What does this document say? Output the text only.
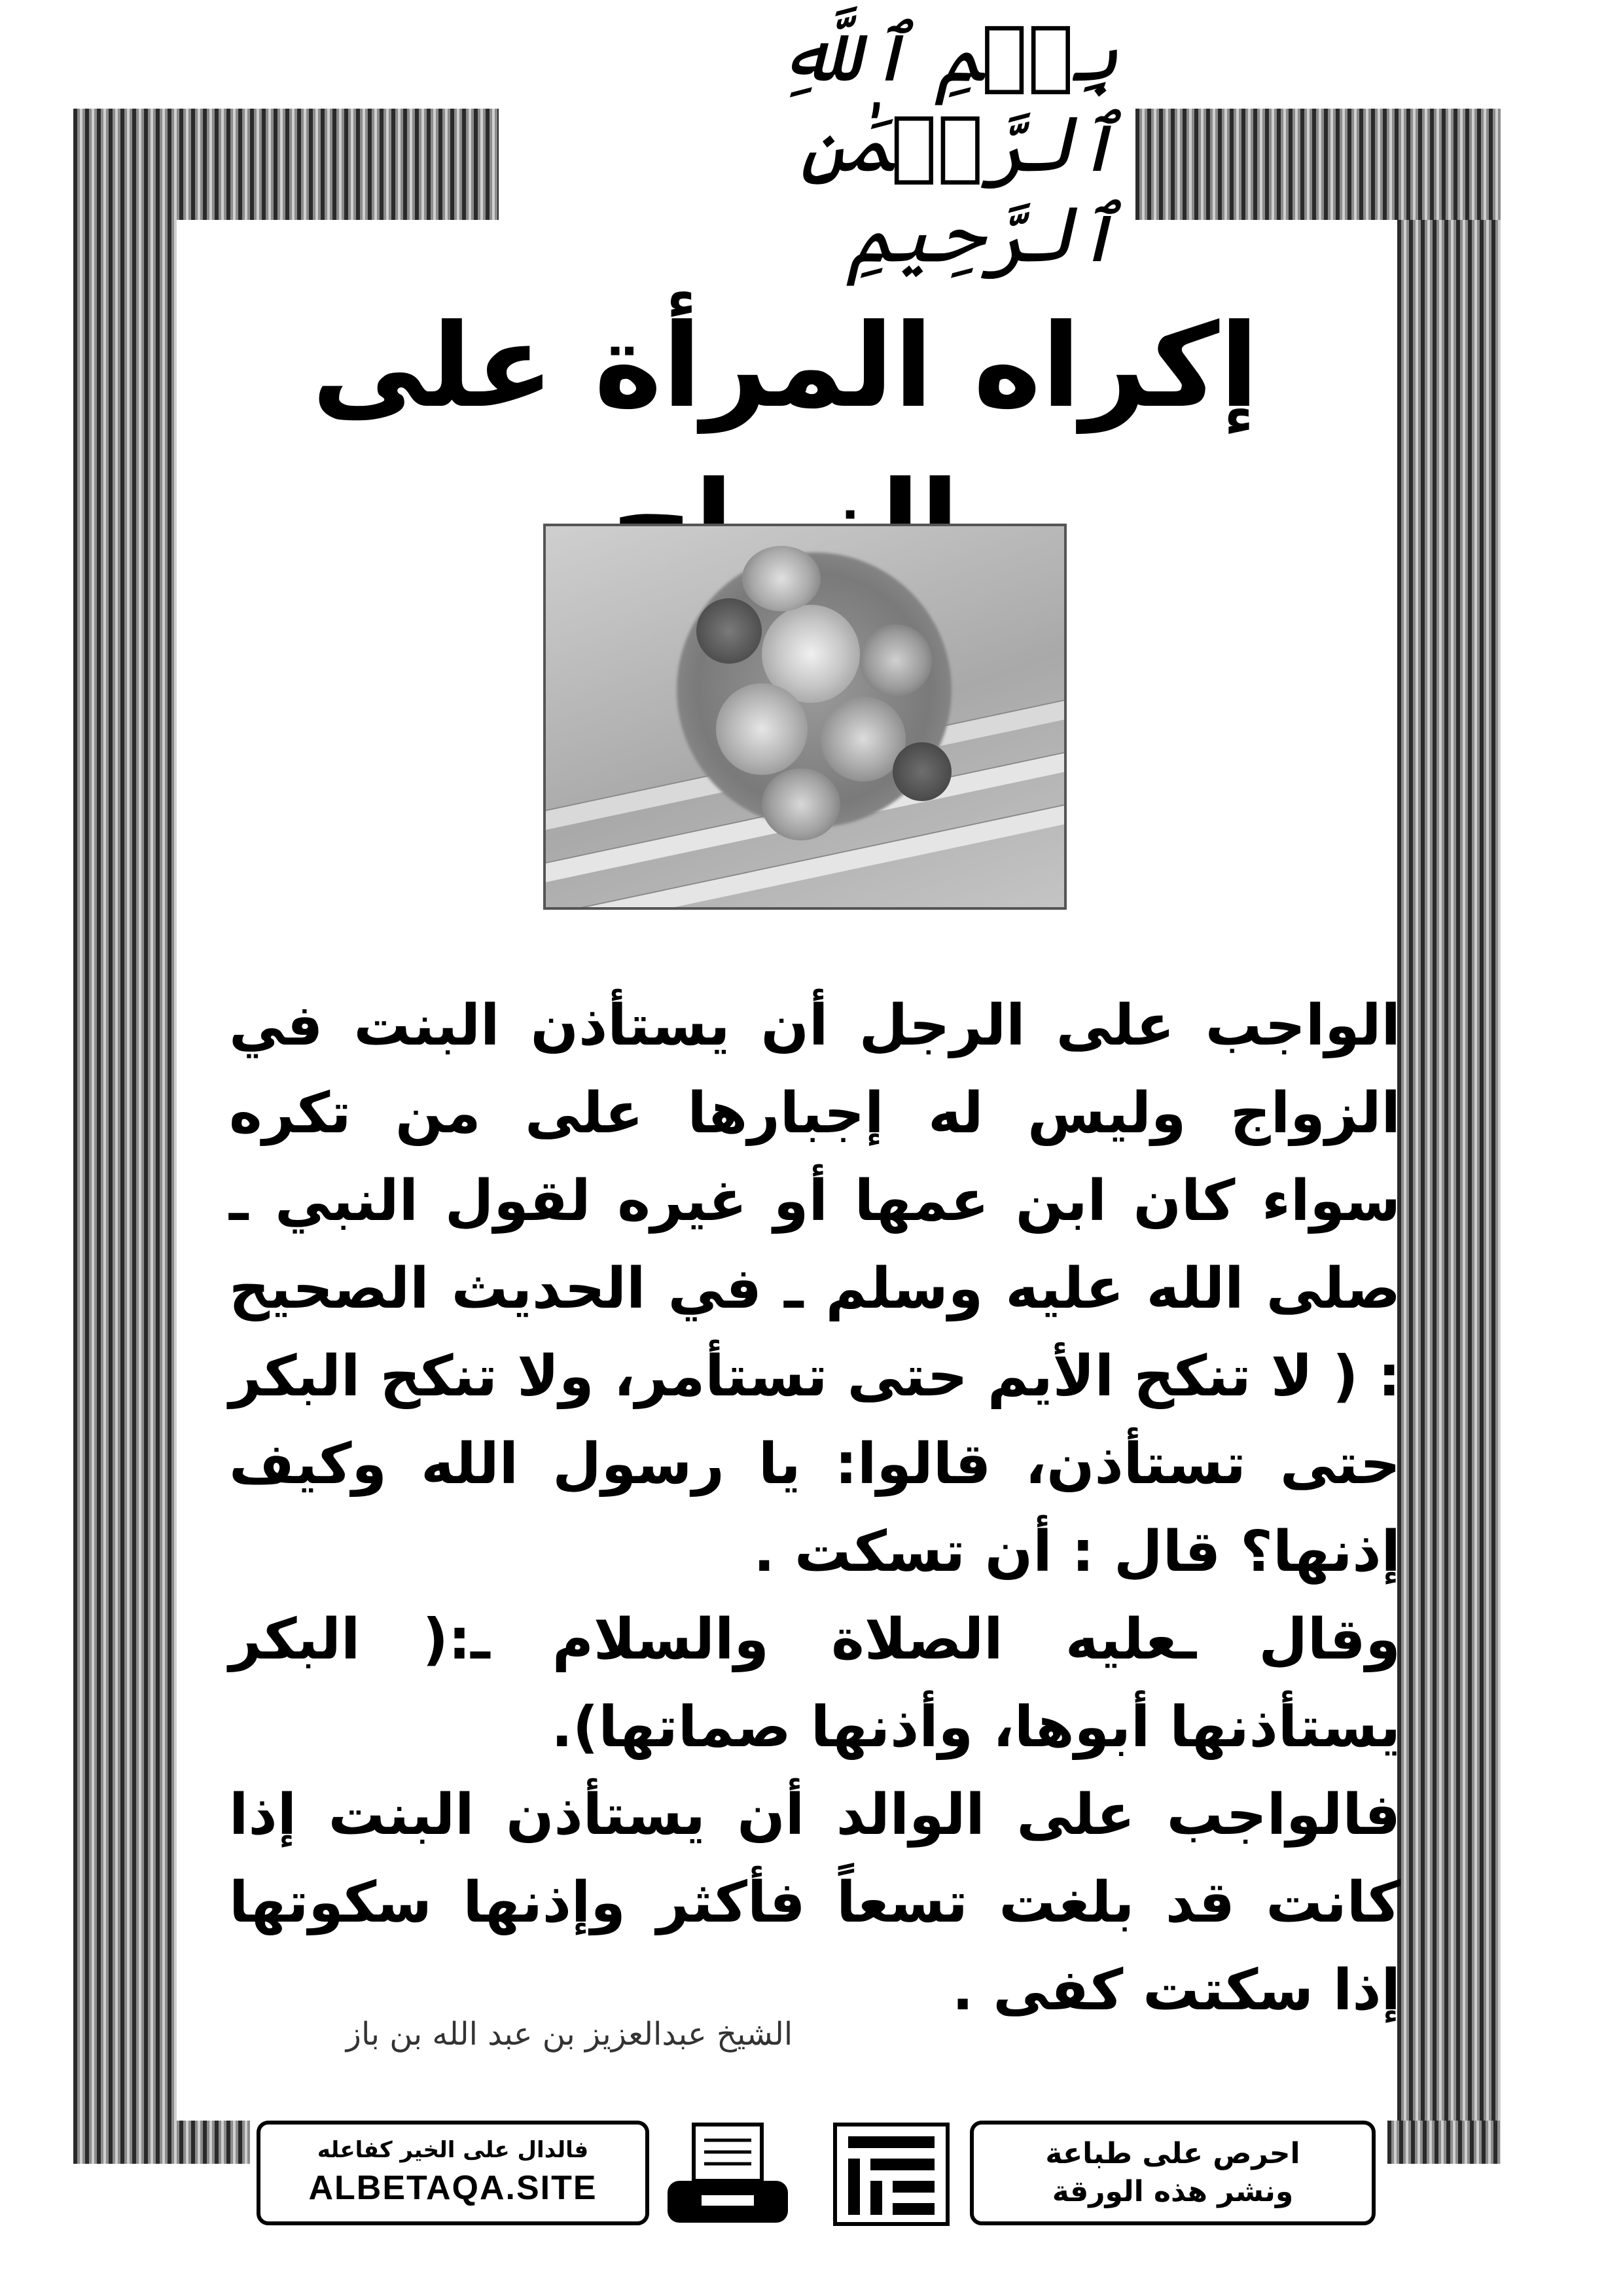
بِسۡمِ ٱللَّهِ ٱلرَّحۡمَٰنِ
إكراه المرأة على

الواجب على الرجل أن يستأذن البنت في الزواج وليس له إجبارها على من تكره سواء كان ابن عمها أو غيره لقول النبي ـ صلى الله عليه وسلم ـ في الحديث الصحيح : ( لا تنكح الأيم حتى تستأمر، ولا تنكح البكر حتى تستأذن، قالوا: يا رسول الله وكيف إذنها؟ قال : أن تسكت .

وقال ـعليه الصلاة والسلام ـ:( البكر يستأذنها أبوها، وأذنها صماتها).

فالواجب على الوالد أن يستأذن البنت إذا كانت قد بلغت تسعاً فأكثر وإذنها سكوتها إذا سكتت كفى .

الشيخ عبدالعزيز بن عبد الله بن باز
فالدال على الخير كفاعله
ALBETAQA.SITE
احرص على طباعة
ونشر هذه الورقة
